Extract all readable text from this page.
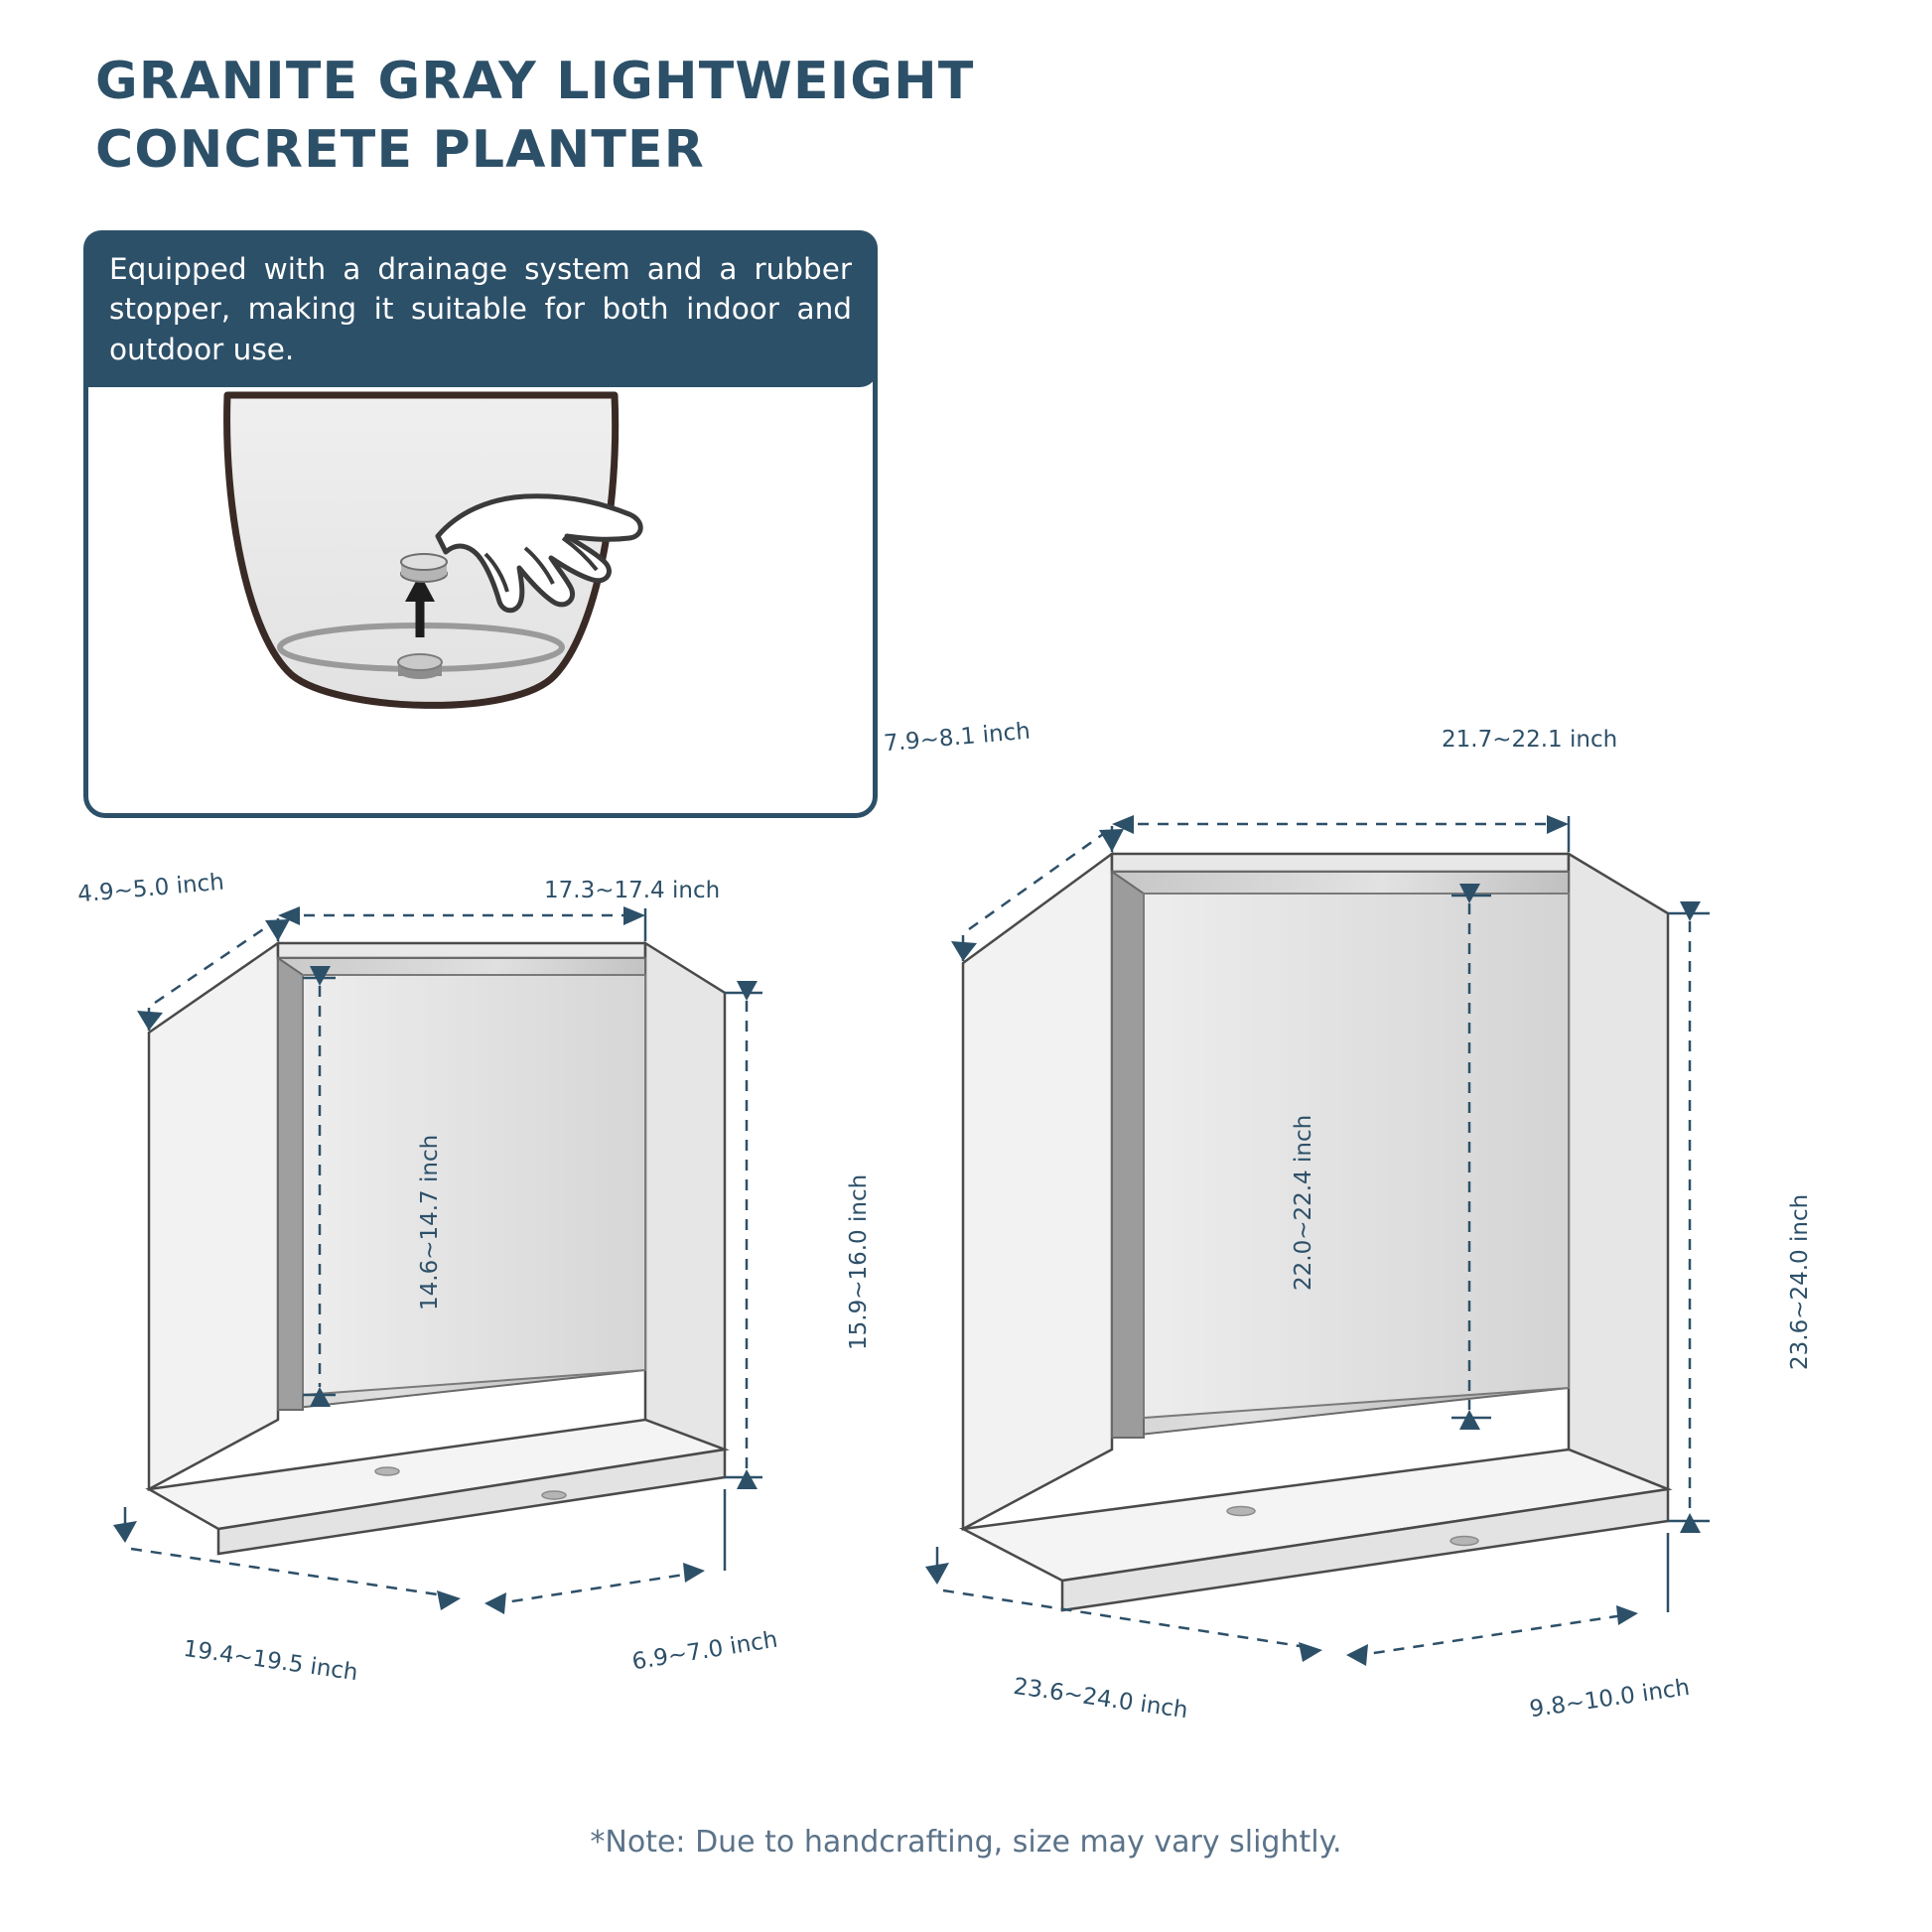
GRANITE GRAY LIGHTWEIGHT CONCRETE PLANTER
Equipped with a drainage system and a rubber stopper, making it suitable for both indoor and outdoor use.
4.9~5.0 inch	17.3~17.4 inch
14.6~14.7 inch	15.9~16.0 inch
19.4~19.5 inch	6.9~7.0 inch
7.9~8.1 inch	21.7~22.1 inch
22.0~22.4 inch	23.6~24.0 inch
23.6~24.0 inch	9.8~10.0 inch
*Note: Due to handcrafting, size may vary slightly.
